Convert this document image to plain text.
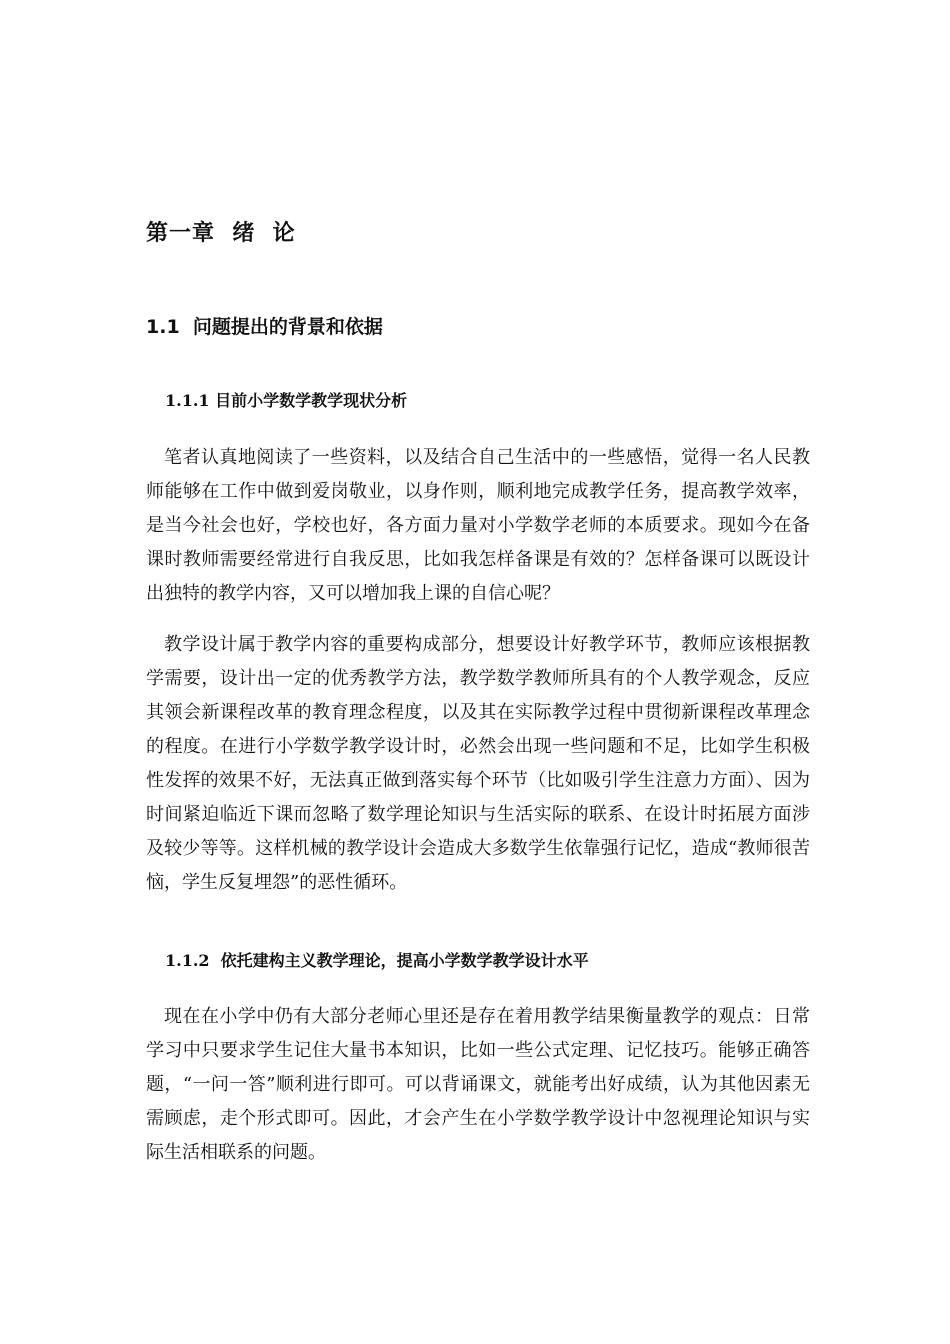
第一章  绪  论
1.1  问题提出的背景和依据
1.1.1 目前小学数学教学现状分析

笔者认真地阅读了一些资料，以及结合自己生活中的一些感悟，觉得一名人民教师能够在工作中做到爱岗敬业，以身作则，顺利地完成教学任务，提高教学效率，是当今社会也好，学校也好，各方面力量对小学数学老师的本质要求。现如今在备课时教师需要经常进行自我反思，比如我怎样备课是有效的？怎样备课可以既设计出独特的教学内容，又可以增加我上课的自信心呢？

教学设计属于教学内容的重要构成部分，想要设计好教学环节，教师应该根据教学需要，设计出一定的优秀教学方法，教学数学教师所具有的个人教学观念，反应其领会新课程改革的教育理念程度，以及其在实际教学过程中贯彻新课程改革理念的程度。在进行小学数学教学设计时，必然会出现一些问题和不足，比如学生积极性发挥的效果不好，无法真正做到落实每个环节（比如吸引学生注意力方面）、因为时间紧迫临近下课而忽略了数学理论知识与生活实际的联系、在设计时拓展方面涉及较少等等。这样机械的教学设计会造成大多数学生依靠强行记忆，造成“教师很苦恼，学生反复埋怨”的恶性循环。

1.1.2  依托建构主义教学理论，提高小学数学教学设计水平

现在在小学中仍有大部分老师心里还是存在着用教学结果衡量教学的观点：日常学习中只要求学生记住大量书本知识，比如一些公式定理、记忆技巧。能够正确答题，“一问一答”顺利进行即可。可以背诵课文，就能考出好成绩，认为其他因素无需顾虑，走个形式即可。因此，才会产生在小学数学教学设计中忽视理论知识与实际生活相联系的问题。
